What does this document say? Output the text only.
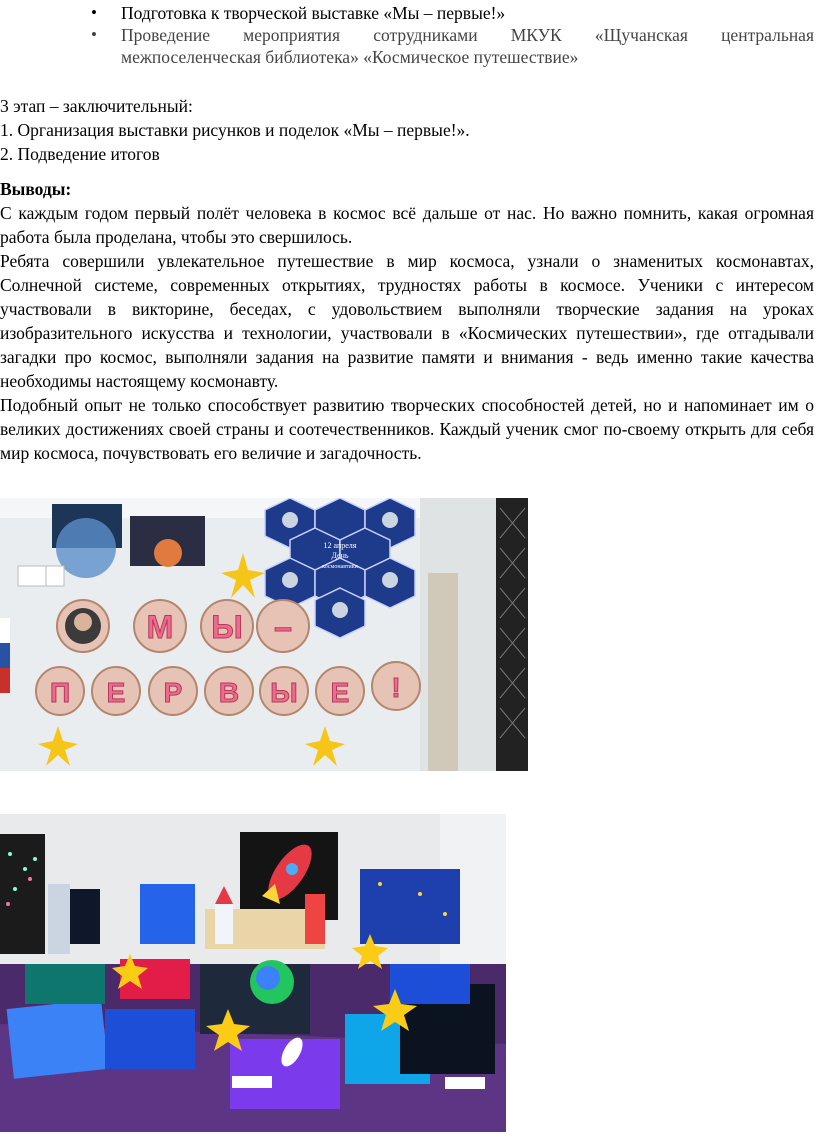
• Подготовка к творческой выставке «Мы – первые!»
• Проведение мероприятия сотрудниками МКУК «Щучанская центральная межпоселенческая библиотека» «Космическое путешествие»
3 этап – заключительный:
1. Организация выставки рисунков и поделок «Мы – первые!».
2. Подведение итогов
Выводы:
С каждым годом первый полёт человека в космос всё дальше от нас. Но важно помнить, какая огромная работа была проделана, чтобы это свершилось.
Ребята совершили увлекательное путешествие в мир космоса, узнали о знаменитых космонавтах, Солнечной системе, современных открытиях, трудностях работы в космосе. Ученики с интересом участвовали в викторине, беседах, с удовольствием выполняли творческие задания на уроках изобразительного искусства и технологии, участвовали в «Космических путешествии», где отгадывали загадки про космос, выполняли задания на развитие памяти и внимания - ведь именно такие качества необходимы настоящему космонавту.
Подобный опыт не только способствует развитию творческих способностей детей, но и напоминает им о великих достижениях своей страны и соотечественников. Каждый ученик смог по-своему открыть для себя мир космоса, почувствовать его величие и загадочность.
12 апреля
День
космонавтики
М Ы –
П Е Р В Ы Е !
